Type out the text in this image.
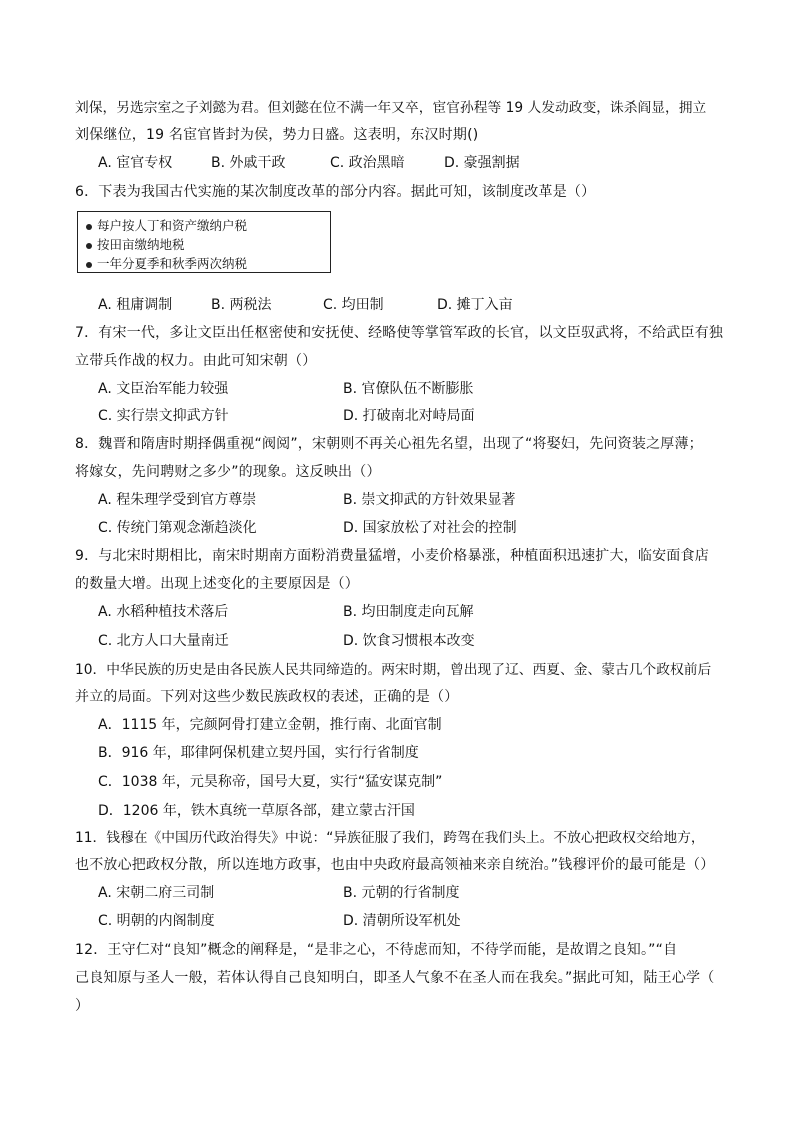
刘保，另选宗室之子刘懿为君。但刘懿在位不满一年又卒，宦官孙程等 19 人发动政变，诛杀阎显，拥立
刘保继位，19 名宦官皆封为侯，势力日盛。这表明，东汉时期()
A. 宦官专权	B. 外戚干政	C. 政治黑暗	D. 豪强割据
6．下表为我国古代实施的某次制度改革的部分内容。据此可知，该制度改革是（）
每户按人丁和资产缴纳户税
按田亩缴纳地税
一年分夏季和秋季两次纳税
A. 租庸调制	B. 两税法	C. 均田制	D. 摊丁入亩
7．有宋一代，多让文臣出任枢密使和安抚使、经略使等掌管军政的长官，以文臣驭武将，不给武臣有独
立带兵作战的权力。由此可知宋朝（）
A. 文臣治军能力较强	B. 官僚队伍不断膨胀
C. 实行崇文抑武方针	D. 打破南北对峙局面
8．魏晋和隋唐时期择偶重视“阀阅”，宋朝则不再关心祖先名望，出现了“将娶妇，先问资装之厚薄；
将嫁女，先问聘财之多少”的现象。这反映出（）
A. 程朱理学受到官方尊崇	B. 崇文抑武的方针效果显著
C. 传统门第观念渐趋淡化	D. 国家放松了对社会的控制
9．与北宋时期相比，南宋时期南方面粉消费量猛增，小麦价格暴涨，种植面积迅速扩大，临安面食店
的数量大增。出现上述变化的主要原因是（）
A. 水稻种植技术落后	B. 均田制度走向瓦解
C. 北方人口大量南迁	D. 饮食习惯根本改变
10．中华民族的历史是由各民族人民共同缔造的。两宋时期，曾出现了辽、西夏、金、蒙古几个政权前后
并立的局面。下列对这些少数民族政权的表述，正确的是（）
A．1115 年，完颜阿骨打建立金朝，推行南、北面官制
B．916 年，耶律阿保机建立契丹国，实行行省制度
C．1038 年，元昊称帝，国号大夏，实行“猛安谋克制”
D．1206 年，铁木真统一草原各部，建立蒙古汗国
11．钱穆在《中国历代政治得失》中说：“异族征服了我们，跨驾在我们头上。不放心把政权交给地方，
也不放心把政权分散，所以连地方政事，也由中央政府最高领袖来亲自统治。”钱穆评价的最可能是（）
A. 宋朝二府三司制	B. 元朝的行省制度
C. 明朝的内阁制度	D. 清朝所设军机处
12．王守仁对“良知”概念的阐释是，“是非之心，不待虑而知，不待学而能，是故谓之良知。”“自
己良知原与圣人一般，若体认得自己良知明白，即圣人气象不在圣人而在我矣。”据此可知，陆王心学（
）
